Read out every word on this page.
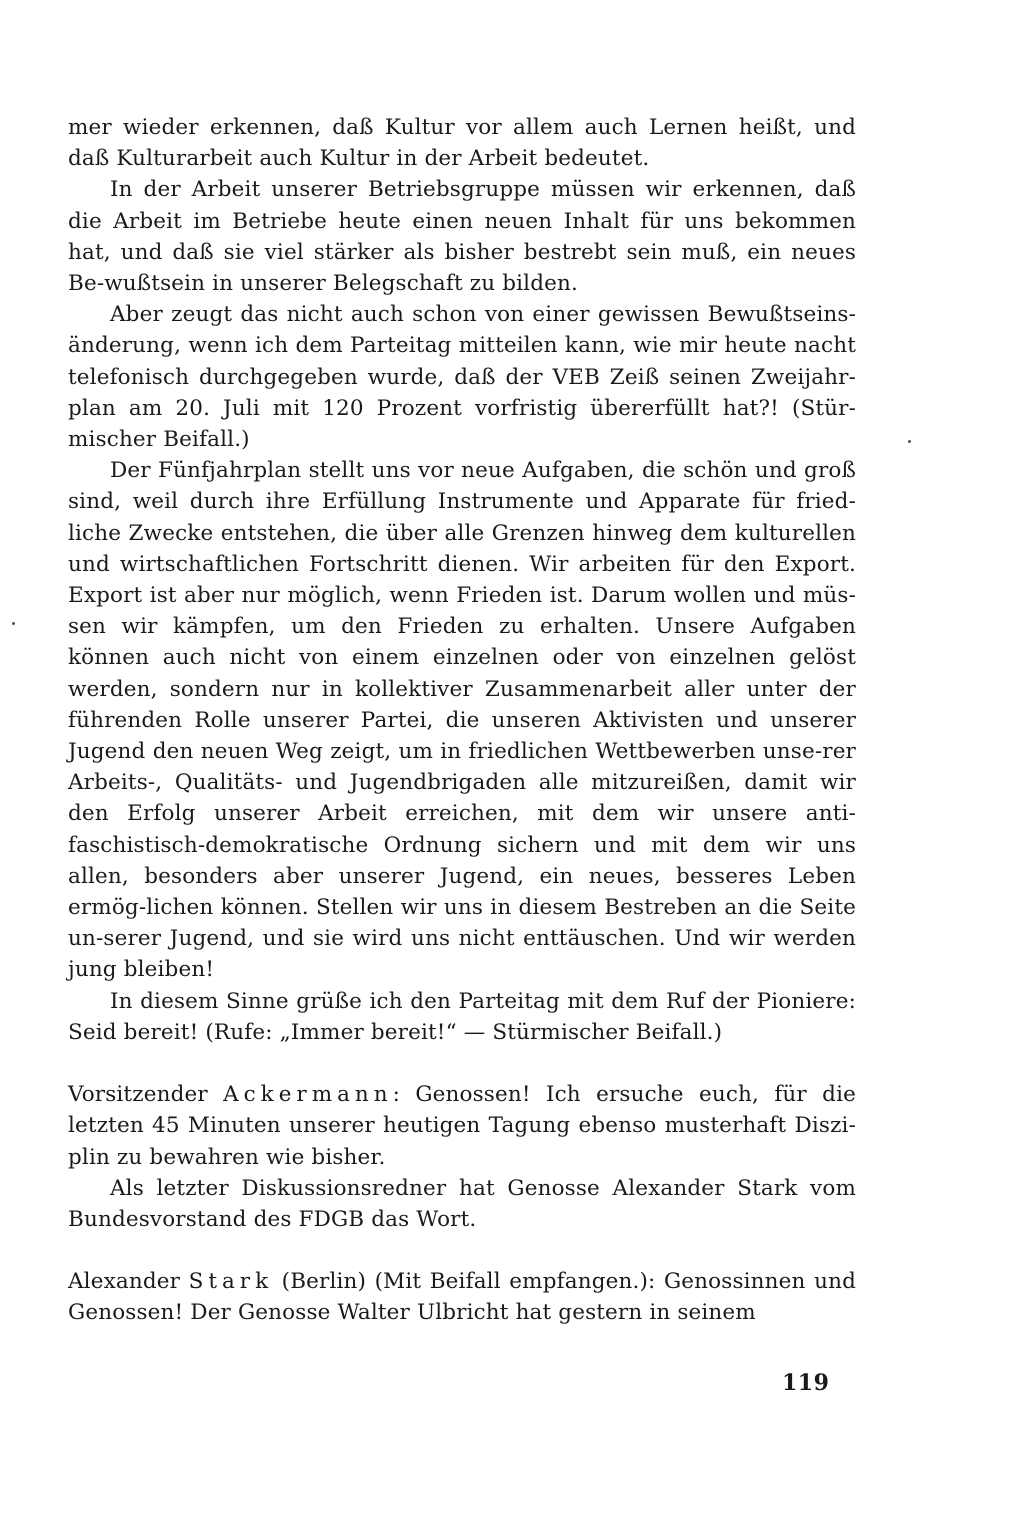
mer wieder erkennen, daß Kultur vor allem auch Lernen heißt, und daß Kulturarbeit auch Kultur in der Arbeit bedeutet.

In der Arbeit unserer Betriebsgruppe müssen wir erkennen, daß die Arbeit im Betriebe heute einen neuen Inhalt für uns bekommen hat, und daß sie viel stärker als bisher bestrebt sein muß, ein neues Be-wußtsein in unserer Belegschaft zu bilden.

Aber zeugt das nicht auch schon von einer gewissen Bewußtseins-änderung, wenn ich dem Parteitag mitteilen kann, wie mir heute nacht telefonisch durchgegeben wurde, daß der VEB Zeiß seinen Zweijahr-plan am 20. Juli mit 120 Prozent vorfristig übererfüllt hat?! (Stür-mischer Beifall.)

Der Fünfjahrplan stellt uns vor neue Aufgaben, die schön und groß sind, weil durch ihre Erfüllung Instrumente und Apparate für fried-liche Zwecke entstehen, die über alle Grenzen hinweg dem kulturellen und wirtschaftlichen Fortschritt dienen. Wir arbeiten für den Export. Export ist aber nur möglich, wenn Frieden ist. Darum wollen und müs-sen wir kämpfen, um den Frieden zu erhalten. Unsere Aufgaben können auch nicht von einem einzelnen oder von einzelnen gelöst werden, sondern nur in kollektiver Zusammenarbeit aller unter der führenden Rolle unserer Partei, die unseren Aktivisten und unserer Jugend den neuen Weg zeigt, um in friedlichen Wettbewerben unse-rer Arbeits-, Qualitäts- und Jugendbrigaden alle mitzureißen, damit wir den Erfolg unserer Arbeit erreichen, mit dem wir unsere anti-faschistisch-demokratische Ordnung sichern und mit dem wir uns allen, besonders aber unserer Jugend, ein neues, besseres Leben ermög-lichen können. Stellen wir uns in diesem Bestreben an die Seite un-serer Jugend, und sie wird uns nicht enttäuschen. Und wir werden jung bleiben!

In diesem Sinne grüße ich den Parteitag mit dem Ruf der Pioniere: Seid bereit! (Rufe: „Immer bereit!“ — Stürmischer Beifall.)

Vorsitzender Ackermann: Genossen! Ich ersuche euch, für die letzten 45 Minuten unserer heutigen Tagung ebenso musterhaft Diszi-plin zu bewahren wie bisher.

Als letzter Diskussionsredner hat Genosse Alexander Stark vom Bundesvorstand des FDGB das Wort.

Alexander Stark (Berlin) (Mit Beifall empfangen.): Genossinnen und Genossen! Der Genosse Walter Ulbricht hat gestern in seinem

119
